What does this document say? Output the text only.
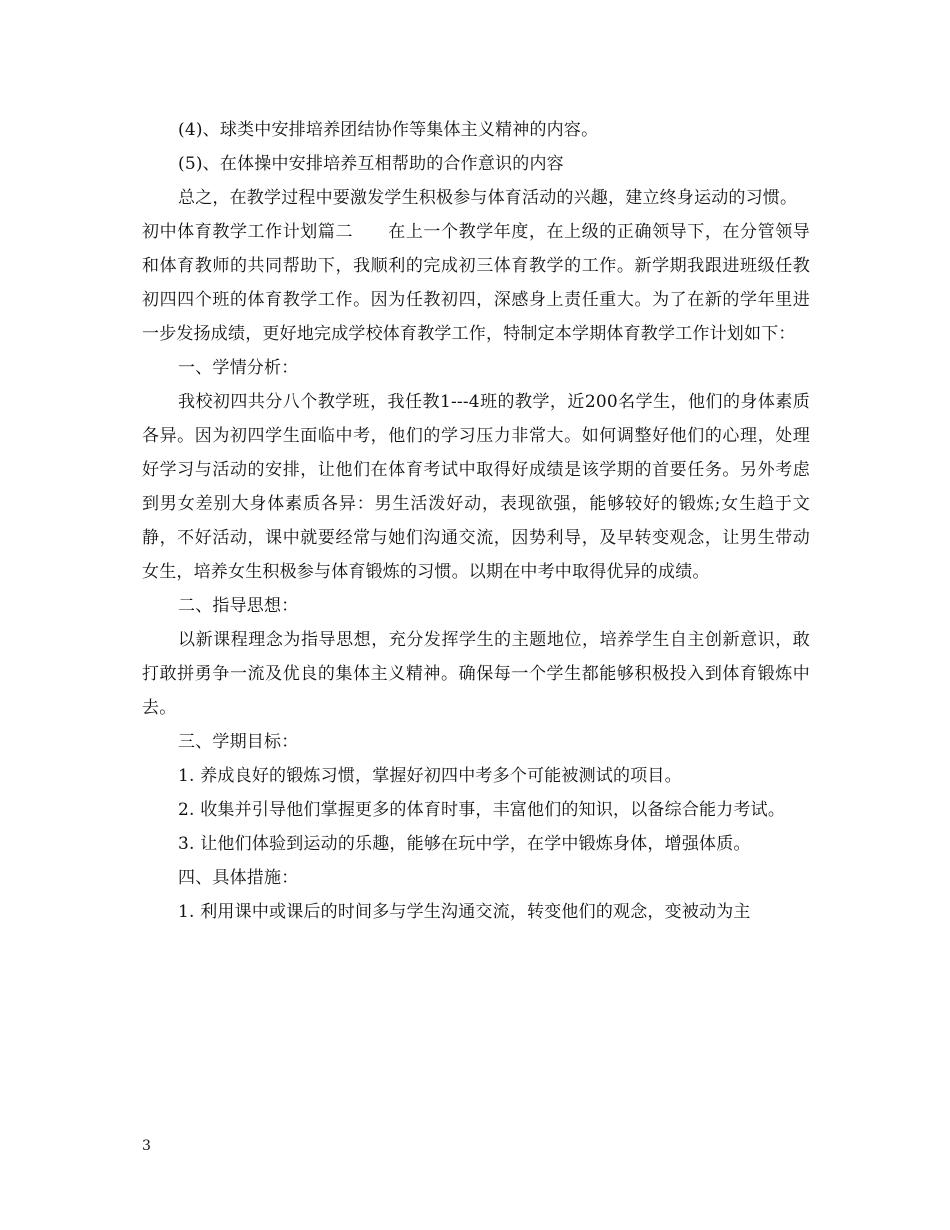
(4)、球类中安排培养团结协作等集体主义精神的内容。

(5)、在体操中安排培养互相帮助的合作意识的内容

总之，在教学过程中要激发学生积极参与体育活动的兴趣，建立终身运动的习惯。

初中体育教学工作计划篇二　　在上一个教学年度，在上级的正确领导下，在分管领导和体育教师的共同帮助下，我顺利的完成初三体育教学的工作。新学期我跟进班级任教初四四个班的体育教学工作。因为任教初四，深感身上责任重大。为了在新的学年里进一步发扬成绩，更好地完成学校体育教学工作，特制定本学期体育教学工作计划如下：

一、学情分析：

我校初四共分八个教学班，我任教1---4班的教学，近200名学生，他们的身体素质各异。因为初四学生面临中考，他们的学习压力非常大。如何调整好他们的心理，处理好学习与活动的安排，让他们在体育考试中取得好成绩是该学期的首要任务。另外考虑到男女差别大身体素质各异：男生活泼好动，表现欲强，能够较好的锻炼;女生趋于文静，不好活动，课中就要经常与她们沟通交流，因势利导，及早转变观念，让男生带动女生，培养女生积极参与体育锻炼的习惯。以期在中考中取得优异的成绩。

二、指导思想：

以新课程理念为指导思想，充分发挥学生的主题地位，培养学生自主创新意识，敢打敢拼勇争一流及优良的集体主义精神。确保每一个学生都能够积极投入到体育锻炼中去。

三、学期目标：

1. 养成良好的锻炼习惯，掌握好初四中考多个可能被测试的项目。

2. 收集并引导他们掌握更多的体育时事，丰富他们的知识，以备综合能力考试。

3. 让他们体验到运动的乐趣，能够在玩中学，在学中锻炼身体，增强体质。

四、具体措施：

1. 利用课中或课后的时间多与学生沟通交流，转变他们的观念，变被动为主

3
